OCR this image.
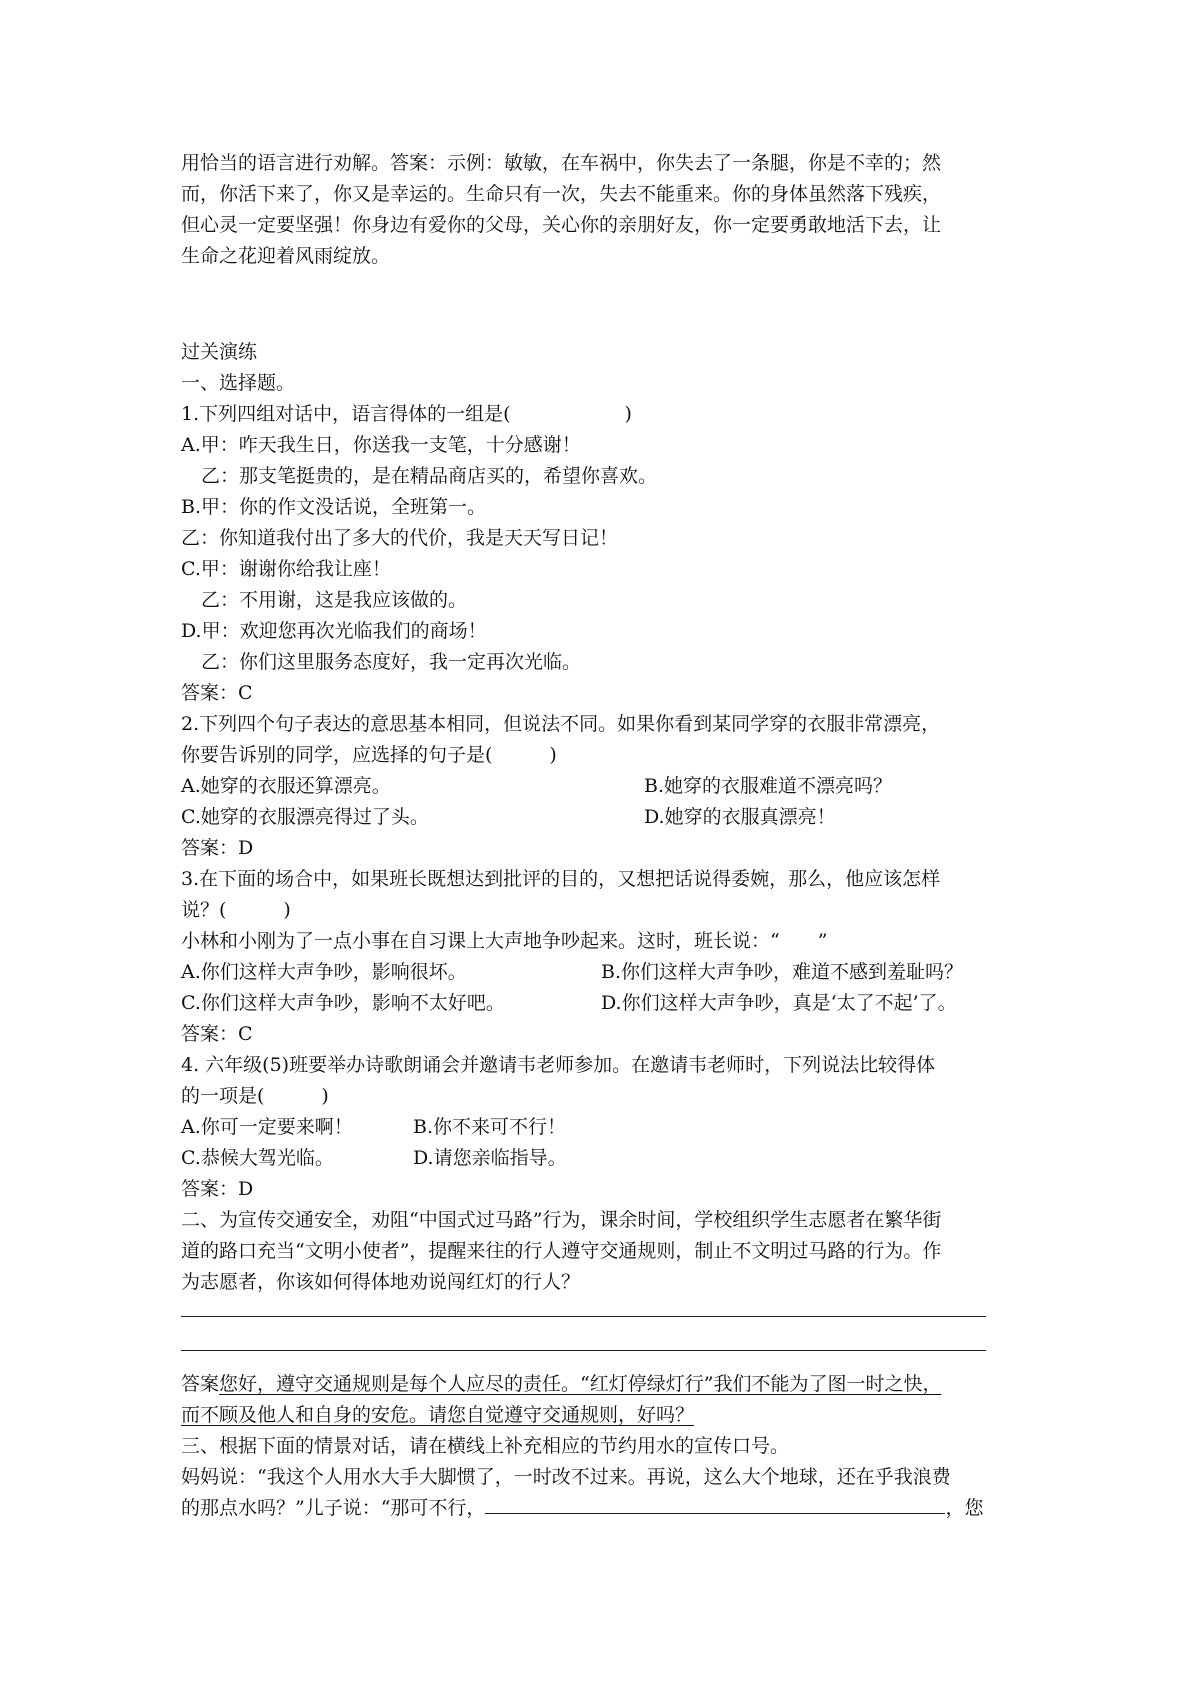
用恰当的语言进行劝解。答案：示例：敏敏，在车祸中，你失去了一条腿，你是不幸的；然
而，你活下来了，你又是幸运的。生命只有一次，失去不能重来。你的身体虽然落下残疾，
但心灵一定要坚强！你身边有爱你的父母，关心你的亲朋好友，你一定要勇敢地活下去，让
生命之花迎着风雨绽放。
过关演练
一、选择题。
1.下列四组对话中，语言得体的一组是(　　　　　　)
A.甲：咋天我生日，你送我一支笔，十分感谢！
乙：那支笔挺贵的，是在精品商店买的，希望你喜欢。
B.甲：你的作文没话说，全班第一。
乙：你知道我付出了多大的代价，我是天天写日记！
C.甲：谢谢你给我让座！
乙：不用谢，这是我应该做的。
D.甲：欢迎您再次光临我们的商场！
乙：你们这里服务态度好，我一定再次光临。
答案：C
2.下列四个句子表达的意思基本相同，但说法不同。如果你看到某同学穿的衣服非常漂亮，
你要告诉别的同学，应选择的句子是(　　　)
A.她穿的衣服还算漂亮。	B.她穿的衣服难道不漂亮吗？
C.她穿的衣服漂亮得过了头。	D.她穿的衣服真漂亮！
答案：D
3.在下面的场合中，如果班长既想达到批评的目的，又想把话说得委婉，那么，他应该怎样
说？(　　　)
小林和小刚为了一点小事在自习课上大声地争吵起来。这时，班长说：“　　”
A.你们这样大声争吵，影响很坏。	B.你们这样大声争吵，难道不感到羞耻吗？
C.你们这样大声争吵，影响不太好吧。	D.你们这样大声争吵，真是‘太了不起’了。
答案：C
4. 六年级(5)班要举办诗歌朗诵会并邀请韦老师参加。在邀请韦老师时，下列说法比较得体
的一项是(　　　)
A.你可一定要来啊！	B.你不来可不行！
C.恭候大驾光临。	D.请您亲临指导。
答案：D
二、为宣传交通安全，劝阻“中国式过马路”行为，课余时间，学校组织学生志愿者在繁华街
道的路口充当“文明小使者”，提醒来往的行人遵守交通规则，制止不文明过马路的行为。作
为志愿者，你该如何得体地劝说闯红灯的行人？
答案您好，遵守交通规则是每个人应尽的责任。“红灯停绿灯行”我们不能为了图一时之快，
而不顾及他人和自身的安危。请您自觉遵守交通规则，好吗？
三、根据下面的情景对话，请在横线上补充相应的节约用水的宣传口号。
妈妈说：“我这个人用水大手大脚惯了，一时改不过来。再说，这么大个地球，还在乎我浪费
的那点水吗？”儿子说：“那可不行，	，您
